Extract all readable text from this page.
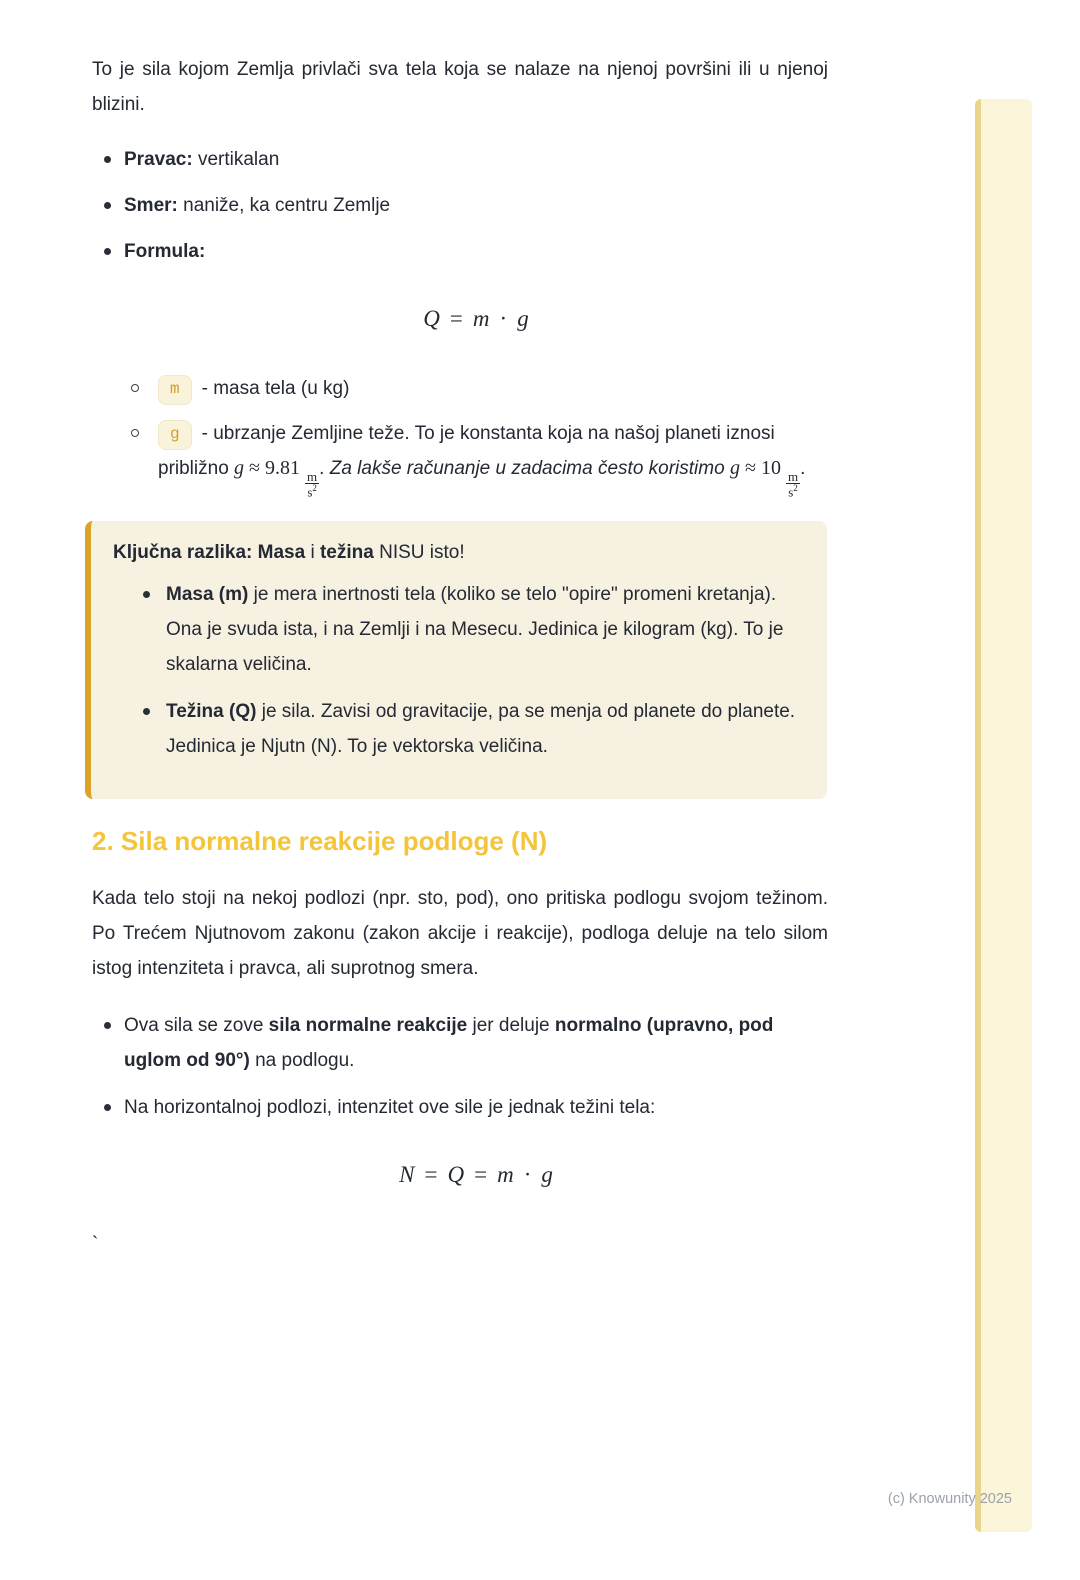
To je sila kojom Zemlja privlači sva tela koja se nalaze na njenoj površini ili u njenoj blizini.

Pravac: vertikalan
Smer: naniže, ka centru Zemlje
Formula:
Q = m · g
m - masa tela (u kg)
g - ubrzanje Zemljine teže. To je konstanta koja na našoj planeti iznosi približno g ≈ 9.81
$\frac{m}{s^2}$
. Za lakše računanje u zadacima često koristimo g ≈ 10
$\frac{m}{s^2}$
.

Ključna razlika: Masa i težina NISU isto!

Masa (m) je mera inertnosti tela (koliko se telo "opire" promeni kretanja). Ona je svuda ista, i na Zemlji i na Mesecu. Jedinica je kilogram (kg). To je skalarna veličina.
Težina (Q) je sila. Zavisi od gravitacije, pa se menja od planete do planete. Jedinica je Njutn (N). To je vektorska veličina.
2. Sila normalne reakcije podloge (N)

Kada telo stoji na nekoj podlozi (npr. sto, pod), ono pritiska podlogu svojom težinom. Po Trećem Njutnovom zakonu (zakon akcije i reakcije), podloga deluje na telo silom istog intenziteta i pravca, ali suprotnog smera.

Ova sila se zove sila normalne reakcije jer deluje normalno (upravno, pod uglom od 90°) na podlogu.
Na horizontalnoj podlozi, intenzitet ove sile je jednak težini tela:
N = Q = m · g

`

(c) Knowunity 2025
